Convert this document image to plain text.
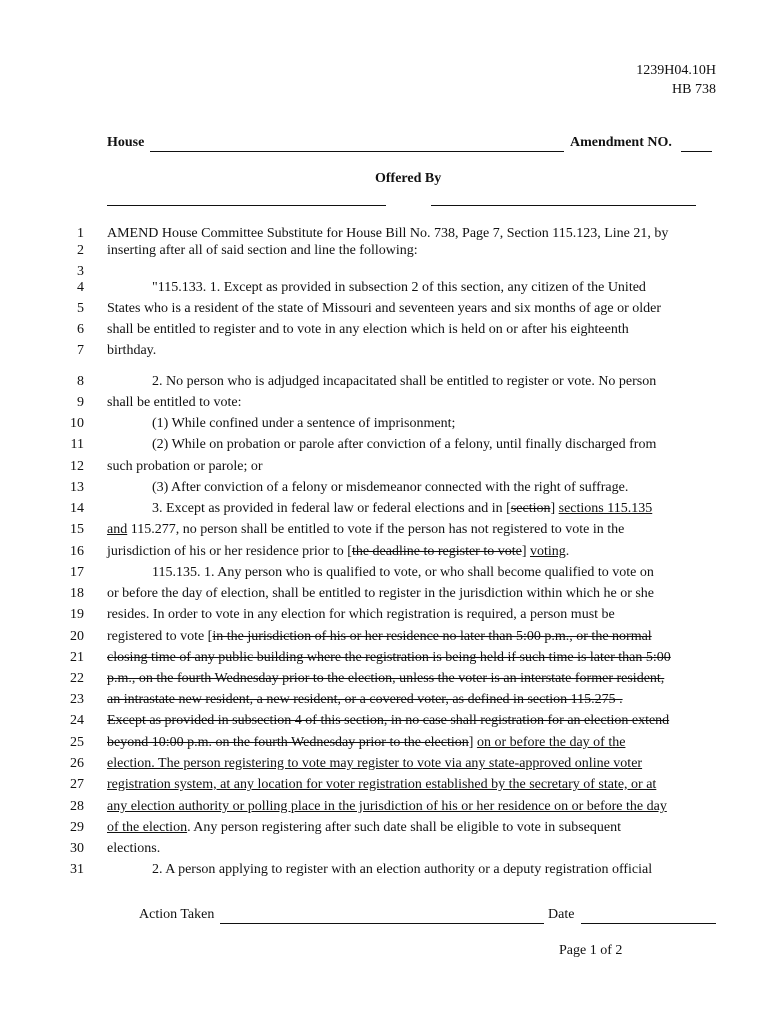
1239H04.10H
HB 738
House	Amendment NO.
Offered By
1 AMEND House Committee Substitute for House Bill No. 738, Page 7, Section 115.123, Line 21, by
2 inserting after all of said section and line the following:
3
4	"115.133. 1. Except as provided in subsection 2 of this section, any citizen of the United
5 States who is a resident of the state of Missouri and seventeen years and six months of age or older
6 shall be entitled to register and to vote in any election which is held on or after his eighteenth
7 birthday.
8	2. No person who is adjudged incapacitated shall be entitled to register or vote. No person
9 shall be entitled to vote:
10	(1) While confined under a sentence of imprisonment;
11	(2) While on probation or parole after conviction of a felony, until finally discharged from
12 such probation or parole; or
13	(3) After conviction of a felony or misdemeanor connected with the right of suffrage.
14	3. Except as provided in federal law or federal elections and in [section] sections 115.135
15 and 115.277, no person shall be entitled to vote if the person has not registered to vote in the
16 jurisdiction of his or her residence prior to [the deadline to register to vote] voting.
17	115.135. 1. Any person who is qualified to vote, or who shall become qualified to vote on
18 or before the day of election, shall be entitled to register in the jurisdiction within which he or she
19 resides. In order to vote in any election for which registration is required, a person must be
20 registered to vote [in the jurisdiction of his or her residence no later than 5:00 p.m., or the normal
21 closing time of any public building where the registration is being held if such time is later than 5:00
22 p.m., on the fourth Wednesday prior to the election, unless the voter is an interstate former resident,
23 an intrastate new resident, a new resident, or a covered voter, as defined in section 115.275 .
24 Except as provided in subsection 4 of this section, in no case shall registration for an election extend
25 beyond 10:00 p.m. on the fourth Wednesday prior to the election] on or before the day of the
26 election. The person registering to vote may register to vote via any state-approved online voter
27 registration system, at any location for voter registration established by the secretary of state, or at
28 any election authority or polling place in the jurisdiction of his or her residence on or before the day
29 of the election. Any person registering after such date shall be eligible to vote in subsequent
30 elections.
31	2. A person applying to register with an election authority or a deputy registration official
Action Taken	Date
Page 1 of 2
